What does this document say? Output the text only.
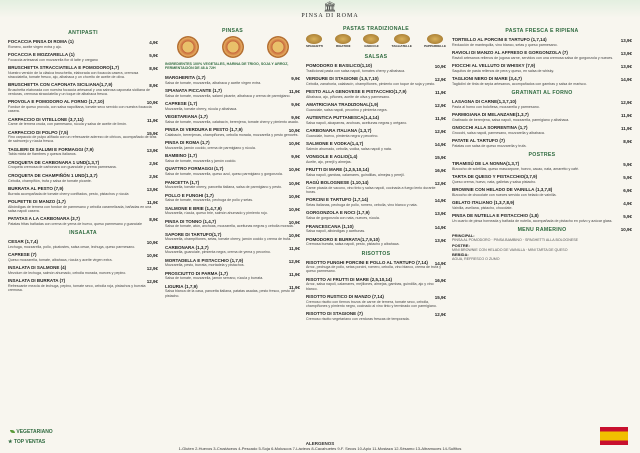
ANTIPASTI
FOCACCIA PINSA DI ROMA (1)	4,9€
Romero, aceite virgen extra y ajo.
FOCACCIA E MOZZARELLA (1)	5,9€
Focaccia artesanal con mozzarella fior di latte y oregano
BRUSCHETTA STRACCIATELLA E POMODORO(1,7)	8,9€
Nuestro versión de la clásica bruschetta, elaborada con focaccia casera, cremosa stracciatella, tomate fresco, ajo, albahaca y un chorrito de aceite de oliva.
BRUSCHETTA CON CAPONATA SICILIANA(1,7,9)	8,9€
Bruschetta elaborada con nuestra focaccia artesanal y una sabrosa caponata siciliana de verduras, cremosa stracciatella y un toque de albahaca fresca.
PROVOLA E POMODORO AL FORNO (1,7,10)	10,9€
Fondue de queso provola, con salsa napolitana, tomate seco servido con nuestra focaccia casera.
CARPACCIO DI VITELLONE (3,7,11)	11,9€
Carne de ternera cruda, con parmesano, rúcula y salsa de aceite de limón.
CARPACCIO DI POLPO (7,5)	15,9€
Fino carpaccio de pulpo aliñado con un refrescante aderezo de cítricos, acompañado de tiras de salmorejo y rúcula fresca.
TAGLIERI DI SALUMI E FORMAGGI (7,9)	13,9€
Tabla mixta de fiambres y quesos italianos.
CROQUETA DE CARBONARA 1 UND(1,3,7)	2,5€
Croqueta cremosa de carbonara con guanciale y crema parmesana.
CROQUETA DE CHAMPIÑÓN 1 UND(1,3,7)	2,5€
Cebolla, champiñón, trufa y salsa de tomate picante.
BURRATA AL PESTO (7,9)	13,9€
Burrata acompañada de tomate cherry confitados, pesto, pistachos y rúcula
POLPETTE DI MANZO (1,7)	11,9€
Albóndigas de ternera con fondue de parmesano y cebolla caramelizada, bañadas en una salsa napoli casera.
PATATAS A LA CARBONARA (3,7)	8,9€
Patatas fritas bañadas con crema de yema de huevo, queso parmesano y guanciale
INSALATA
CESAR (1,7,4)	10,9€
Lechuga, mozzarella, pollo, picatostes, salsa cesar, lechuga, queso parmesano.
CAPRESE (7)	10,9€
Queso mozzarella, tomate, albahaca, rúcula y aceite virgen extra.
INSALATA DI SALMONE (4)	12,9€
Mezclum de lechuga, salmón ahumado, cebolla morada, nueces y pepino.
INSALATA DI BURRATA (7)	12,9€
Refrescante mezcla de lechuga, pepino, tomate seco, cebolla roja, pistachos y burrata cremosa.
VEGETARIANO
★ TOP VENTAS
PINSAS
INGREDIENTES 100% VEGETALES, HARINA DE TRIGO, SOJA Y ARROZ, FERMENTACIÓN DE 48 A 72H
MARGHERITA (1,7)	9,9€
Salsa de tomate, mozzarella, albahaca y aceite virgen extra.
SPIANATA PICCANTE (1,7)	11,9€
Salsa de tomate, mozzarella, salami picante, albahaca y crema de parmigiano.
CAPRESE (1,7)	9,9€
Mozzarella, tomate cherry, rúcula y albahaca.
VEGETARIANA (1,7)	9,9€
Salsa de tomate, mozzarella, calabacín, berenjena, tomate cherry y pimiento asado.
PINSA DI VERDURA E PESTO (1,7,9)	10,9€
Calabacín, berenjenas, champiñones, cebolla morada, mozzarella y pesto genovés.
PINSA DI ROMA (1,7)	10,9€
Mozzarella, jamón cocido, crema de parmigiano y rúcula.
BAMBINO (1,7)	9,9€
Salsa de tomate, mozzarella y jamón cocido.
QUATTRO FORMAGGI (1,7)	10,9€
Salsa de tomate, mozzarella, queso azul, queso parmigiano y gorgonzola.
PANCETTA (1,7)	10,9€
Mozzarella, tomate cherry, pancetta italiana, salsa de parmigiano y pesto.
POLLO E FUNGHI (1,7)	10,9€
Salsa de tomate, mozzarella, pechuga de pollo y setas.
SALMONE E BRIE (1,4,7,9)	10,9€
Mozzarella, rúcula, queso brie, salmón ahumado y pimiento rojo.
PINSA DI TONNO (1,4,7)	10,9€
Salsa de tomate, atún, anchoas, mozzarella, aceitunas negras y cebolla morada.
SAPORE DI TARTUFO(1,7)	10,9€
Mozzarella, champiñones, setas, tomate cherry, jamón cocido y crema de trufa.
CARBONARA (1,3,7)	11,9€
Mozzarella, guanciale, pimienta negra, crema de yema y pecorino.
MORTADELLA E PISTACCHIO (1,7,9)	12,9€
Mozzarella, pesto, burrata, mortadela y pistachos.
PROSCIUTTO DI PARMA (1,7)	11,9€
Salsa de tomate, mozzarella, jamón serrano, rúcula y burrata.
LIGURIA (1,7,9)	11,9€
Salsa blanca de la casa, pancetta italiana, patatas asadas, pesto fresco, pesto de pistacho.
🏛
PINSA DI ROMA
PASTAS TRADIZIONALE
SPAGHETTI	RIGATONI	GNOCCHI	TAGLIATELLE	PAPPARDELLE
SALSAS
POMODORO E BASILICO(1,10)	10,9€
Tradicional pasta con salsa napoli, tomates cherry y albahaca.
VERDURE DI STAGIONE (1,5,7,10)	12,9€
Cebolla, zanahoria, calabacín, champiñones, pimiento con toque de soja y pesto.
PESTO ALLA GENOVESE E PISTACCHIO(1,7,9)	11,9€
Albahaca, ajo, piñones, aceite de oliva y parmesano.
AMATRICIANA TRADIZIONAL(1,9)	12,9€
Guanciale, salsa napoli, pecorino y pimienta negra.
AUTENTICA PUTTANESCA(1,4,14)	11,9€
Salsa napoli, alcaparras, anchoas, aceitunas negras y orégano.
CARBONARA ITALIANA (1,3,7)	12,9€
Guanciale, huevo, pimienta negra y pecorino.
SALMONE E VODKA(1,4,7)	14,9€
Salmón ahumado, cebolla, vodka, salsa napoli y nata.
VONGOLE E AGLIO(1,4)	15,9€
Aceite, ajo, perejil y almejas.
FRUTTI DI MARE (1,2,5,10,14)	16,9€
Salsa napoli, gambas, calamares, guindillas, almejas y perejil.
RAGÙ BOLOGNESE (1,10,14)	12,9€
Carne picada de vacuno, vino tinto y salsa napoli, cocinada a fuego lento durante horas.
PORCINI E TARTUFO (1,7,14)	14,9€
Setas italianas, pechuga de pollo, romero, cebolla, vino blanco y nata.
GORGONZOLA E NOCI (1,7,9)	13,9€
Salsa de gorgonzola con nata, nueces, rúcula.
FRANCESCANA (1,10)	14,9€
Salsa napoli, albóndigas y aceitunas.
POMODORO E BURRATA(1,7,9,10)	13,9€
Cremosa burrata, salsa napoli, pesto, pistacho y albahaca.
RISOTTOS
RISOTTO FUNGHI PORCINI E POLLO AL TARTUFO (7,14)	14,9€
Arroz, pechuga de pollo, setas porcini, romero, cebolla, vino blanco, crema de trufa y queso parmesano.
RISOTTO AI FRUTTI DI MARE (2,5,10,14)	16,9€
Arroz, salsa napoli, calamares, mejillones, almejas, gambas, guindilla, ajo y vino blanco.
RISOTTO RUSTICO DI MANZO (7,14)	15,9€
Cremoso risotto con tiernos trozos de carne de ternera, tomate seco, cebolla, champiñones y pimiento negro, cocinado al vino tinto y terminado con parmigiano.
RISOTTO DI STAGIONE (7)	12,9€
Cremoso risotto vegetariano con verduras frescas de temporada.
PASTA FRESCA E RIPIENA
TORTELLO AL PORCINI E TARTUFO (1,7,14)	13,9€
Reducción de mantequilla, vino blanco, setas y queso parmesano.
RAVIOLI DI MANZO AL AFFRESO E GORGONZOLA (7)	13,9€
Ravioli artesanos rellenos de jugosa carne, servidos con una cremosa salsa de gorgonzola y nueces.
FIOCCHI AL VELLUTO DI WHISKY (7,9)	13,9€
Saquitos de pasta rellenos de pera y queso, en salsa de whisky.
TAGLIONI NERO DI MARE (3,4,7)	14,9€
Tagliolini de tinta de sepia artesanos, acompañados con gambas y salsa de marisco.
GRATINATI AL FORNO
LASAGNA DI CARNE(1,3,7,10)	12,9€
Pasta al horno con boloñesa, mozzarella y parmesano.
PARMIGIANA DI MELANZANE(1,3,7)	11,9€
Gratinado de berenjena, salsa napoli, mozzarella, parmigiano y albahaca.
GNOCCHI ALLA SORRENTINA (1,7)	11,9€
Gnocchi, salsa napoli, parmesano, mozzarella y albahaca.
PATATE AL TARTUFO (7)	8,9€
Patatas con salsa de queso mozzarella y trufa.
POSTRES
TIRAMISÚ DE LA NONNA(1,3,7)	5,9€
Bizcocho de soletillas, queso mascarpone, huevo, cacao, nata, amaretto y café.
TARTA DE QUESO Y PISTACCHIO(3,7,9)	5,9€
Queso crema, huevo, nata, galletas y salsa pistacho.
BROWNIE CON HELADO DE VAINILLA (1,3,7,8)	6,9€
Bizcocho de chocolate con nueces servido con helado de vainilla.
GELATO ITALIANO (1,3,7,8,9)	4,9€
Vainilla, avellana, pistacho, chocolate.
PINSA DE NUTELLA E PISTACCHIO (1,8)	5,9€
Un cuarto de pinsa horneada y bañada de nutella, acompañada de pistacho en polvo y azúcar glass.
MENU RAMERINO	10,9€
PRINCIPAL:
PINSA AL POMODORO · PINSA BAMBINO · SPAGHETTI ALLA BOLOGNESE
POSTRE:
MINI BROWNIE CON HELADO DE VAINILLA · MINI TARTA DE QUESO
BEBIDA:
AGUA, REFRESCO O ZUMO
ALERGENOS
1-Gluten 2-Huevos 3-Crustáceos 4-Pescado 5-Soja 6-Moluscos 7-Lácteos 8-Cacahuetes 9-F. Secos 10-Apio 11-Mostaza 12-Sésamo 13-Altramuces 14-Sulfitos
